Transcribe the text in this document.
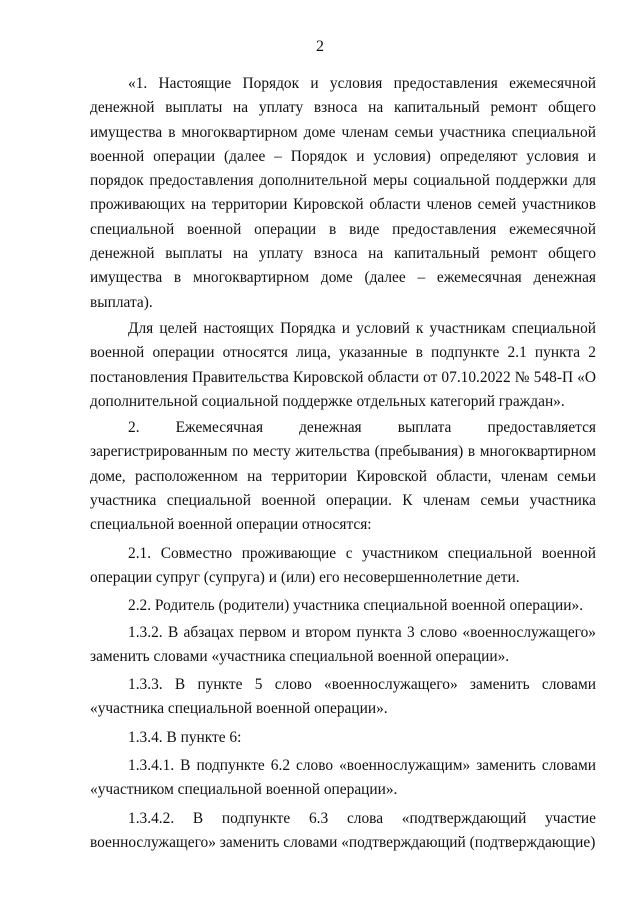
2

«1. Настоящие Порядок и условия предоставления ежемесячной денежной выплаты на уплату взноса на капитальный ремонт общего имущества в многоквартирном доме членам семьи участника специальной военной операции (далее – Порядок и условия) определяют условия и порядок предоставления дополнительной меры социальной поддержки для проживающих на территории Кировской области членов семей участников специальной военной операции в виде предоставления ежемесячной денежной выплаты на уплату взноса на капитальный ремонт общего имущества в многоквартирном доме (далее – ежемесячная денежная выплата).

Для целей настоящих Порядка и условий к участникам специальной военной операции относятся лица, указанные в подпункте 2.1 пункта 2 постановления Правительства Кировской области от 07.10.2022 № 548-П «О дополнительной социальной поддержке отдельных категорий граждан».

2. Ежемесячная денежная выплата предоставляется зарегистрированным по месту жительства (пребывания) в многоквартирном доме, расположенном на территории Кировской области, членам семьи участника специальной военной операции. К членам семьи участника специальной военной операции относятся:

2.1. Совместно проживающие с участником специальной военной операции супруг (супруга) и (или) его несовершеннолетние дети.

2.2. Родитель (родители) участника специальной военной операции».

1.3.2. В абзацах первом и втором пункта 3 слово «военнослужащего» заменить словами «участника специальной военной операции».

1.3.3. В пункте 5 слово «военнослужащего» заменить словами «участника специальной военной операции».

1.3.4. В пункте 6:

1.3.4.1. В подпункте 6.2 слово «военнослужащим» заменить словами «участником специальной военной операции».

1.3.4.2. В подпункте 6.3 слова «подтверждающий участие военнослужащего» заменить словами «подтверждающий (подтверждающие)
